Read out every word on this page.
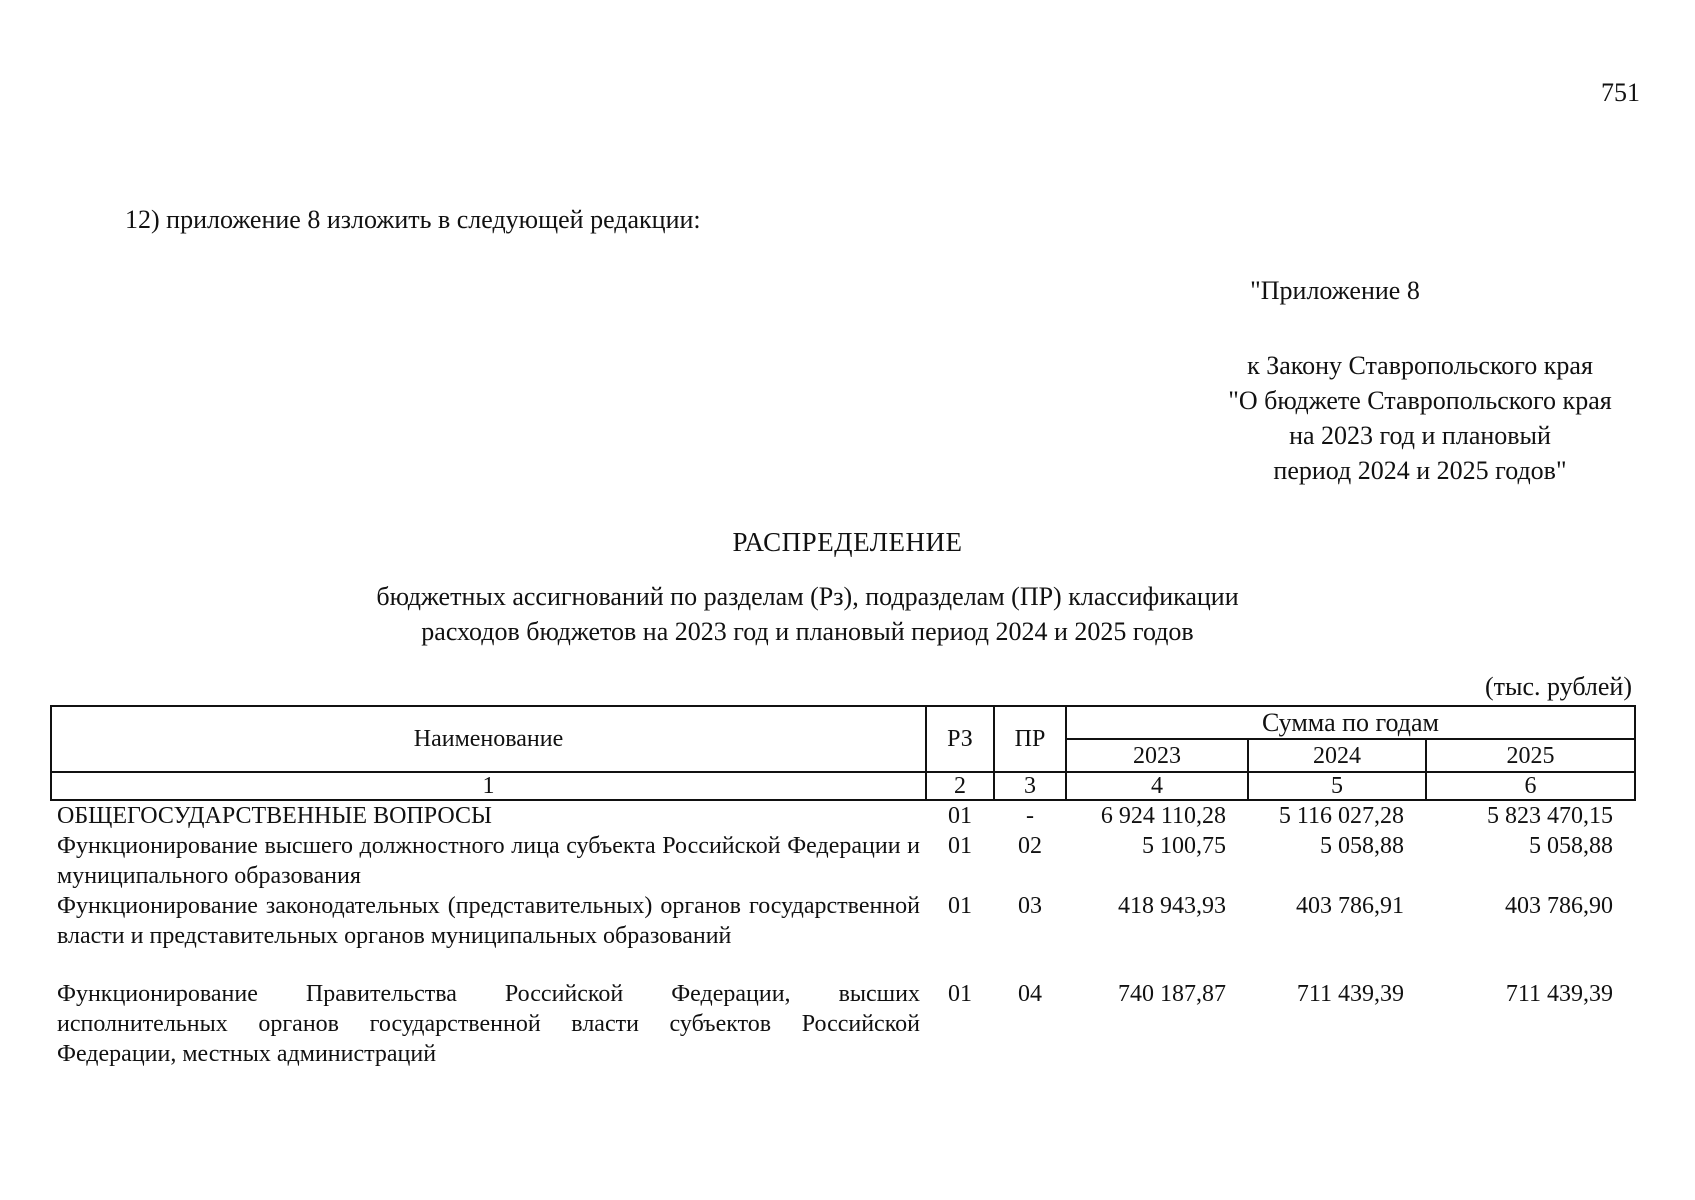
751
12) приложение 8 изложить в следующей редакции:
"Приложение 8
к Закону Ставропольского края
"О бюджете Ставропольского края
на 2023 год и плановый
период 2024 и 2025 годов"
РАСПРЕДЕЛЕНИЕ
бюджетных ассигнований по разделам (Рз), подразделам (ПР) классификации
расходов бюджетов на 2023 год и плановый период 2024 и 2025 годов
(тыс. рублей)
Наименование	РЗ	ПР	Сумма по годам		
			2023	2024	2025
1	2	3	4	5	6
ОБЩЕГОСУДАРСТВЕННЫЕ ВОПРОСЫ	01	-	6 924 110,28	5 116 027,28	5 823 470,15
Функционирование высшего должностного лица субъекта Российской Федерации и муниципального образования	01	02	5 100,75	5 058,88	5 058,88
Функционирование законодательных (представительных) органов государственной власти и представительных органов муниципальных образований	01	03	418 943,93	403 786,91	403 786,90

Функционирование Правительства Российской Федерации, высших исполнительных органов государственной власти субъектов Российской Федерации, местных администраций	01	04	740 187,87	711 439,39	711 439,39
